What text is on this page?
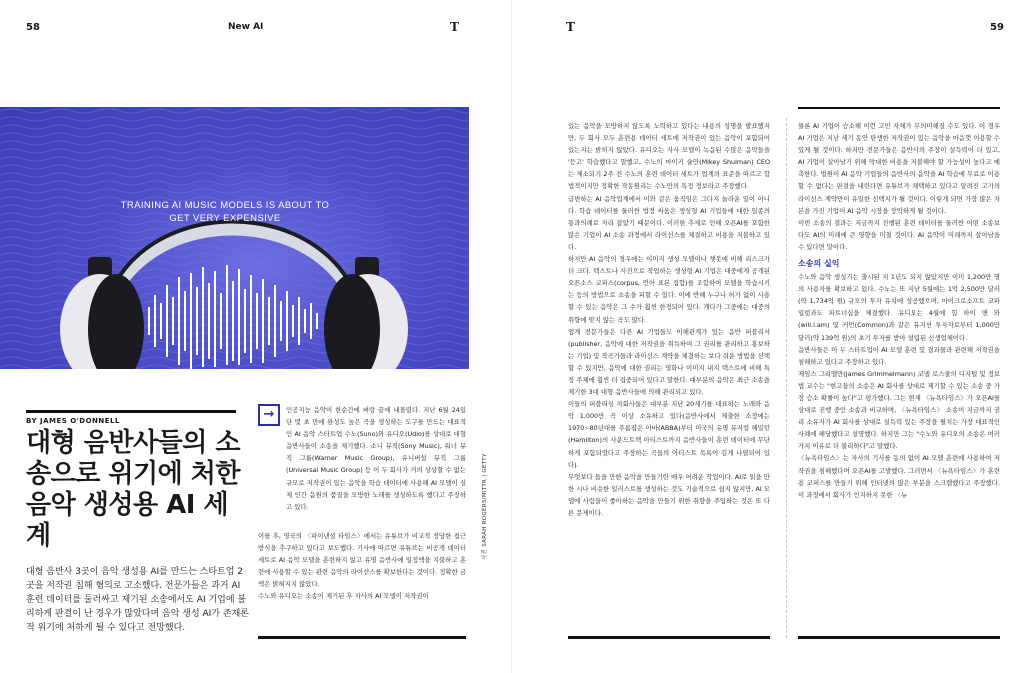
58	New AI	T
TRAINING AI MUSIC MODELS IS ABOUT TO GET VERY EXPENSIVE
BY JAMES O'DONNELL
대형 음반사들의 소송으로 위기에 처한 음악 생성용 AI 세계

대형 음반사 3곳이 음악 생성용 AI를 만드는 스타트업 2곳을 저작권 침해 혐의로 고소했다. 전문가들은 과거 AI 훈련 데이터를 둘러싸고 제기된 소송에서도 AI 기업에 불리하게 판결이 난 경우가 많았다며 음악 생성 AI가 존재론적 위기에 처하게 될 수 있다고 전망했다.

→	인공지능 음악이 한순간에 벼랑 끝에 내몰렸다. 지난 6월 24일 단 몇 초 만에 완성도 높은 곡을 생성하는 도구를 만드는 대표적인 AI 음악 스타트업 수노(Suno)와 유디오(Udio)를 상대로 대형 음반사들이 소송을 제기했다. 소니 뮤직(Sony Music), 워너 뮤직 그룹(Warner Music Group), 유니버설 뮤직 그룹(Universal Music Group) 등 이 두 회사가 거의 상상할 수 없는 규모로 저작권이 있는 음악을 학습 데이터에 사용해 AI 모델이 실제 인간 음원의 품질을 모방한 노래를 생성하도록 했다고 주장하고 있다.

이를 후, 영국의 〈파이낸셜 타임스〉에서는 유튜브가 비교적 정당한 접근 방식을 추구하고 있다고 보도했다. 기사에 따르면 유튜브는 비공개 데이터 세트로 AI 음악 모델을 훈련하지 않고 유명 음반사에 일정액을 지불하고 훈련에 사용할 수 있는 관련 음악의 라이선스를 확보한다는 것이다. 정확한 금액은 밝혀지지 않았다.

수노와 유디오는 소송이 제기된 후 자사의 AI 모델이 저작권이

사진 SARAH ROGERS/MITTR | GETTY
T	59

있는 음악을 모방하지 않도록 노력하고 있다는 내용의 성명을 발표했지만, 두 회사 모두 훈련용 데이터 세트에 저작권이 있는 음악이 포함되어 있는지는 밝히지 않았다. 유디오는 자사 모델이 녹음된 수많은 음악들을 '듣고' 학습했다고 말했고, 수노의 마이키 슐만(Mikey Shulman) CEO는 제소되기 2주 전 수노의 훈련 데이터 세트가 업계의 표준을 따르고 합법적이지만 정확한 작동원리는 수노만의 특정 정보라고 주장했다.

급변하는 AI 음악업계에서 이와 같은 움직임은 그다지 놀라운 일이 아니다. 학습 데이터를 둘러싼 법정 싸움은 생성형 AI 기업들에 대한 일종의 통과의례로 자리 잡았기 때문이다. 이러한 추세로 인해 오픈AI를 포함한 많은 기업이 AI 소송 과정에서 라이선스를 체결하고 비용을 지불하고 있다.

하지만 AI 음악의 경우에는 이미지 생성 모델이나 챗봇에 비해 리스크가 더 크다. 텍스트나 사진으로 작업하는 생성형 AI 기업은 대중에게 공개된 오픈소스 코퍼스(corpus, 언어 표본 집합)를 조합하여 모델을 학습시키는 등의 방법으로 소송을 피할 수 있다. 이에 반해 누구나 허가 없이 사용할 수 있는 음악은 그 수가 훨씬 한정되어 있다. 게다가 그중에는 대중의 취향에 맞지 않는 곡도 많다.

업계 전문가들은 다른 AI 기업들도 이해관계가 있는 음반 퍼블리셔(publisher, 음악에 대한 저작권을 취득하여 그 권리를 관리하고 홍보하는 기업) 및 작곡가들과 라이선스 계약을 체결하는 보다 쉬운 방법을 선택할 수 있지만, 음악에 대한 권리는 영화나 이미지 내지 텍스트에 비해 특정 주체에 훨씬 더 집중되어 있다고 말한다. 대부분의 음악은 최근 소송을 제기한 3대 대형 음반사들에 의해 관리되고 있다.

이들의 퍼블리싱 자회사들은 대부분 지난 20세기를 대표하는 노래와 음악 1,000만 곡 이상 소유하고 있다(음반사에서 제출한 소장에는 1970~80년대를 주름잡은 아바(ABBA)부터 미국의 유명 뮤지컬 해밀턴(Hamilton)의 사운드트랙 아티스트까지 음반사들이 훈련 데이터에 무단하게 포함되었다고 주장하는 곡들의 아티스트 목록이 길게 나열되어 있다).

무엇보다 돕을 만한 음악을 만들기란 매우 어려운 작업이다. AI로 읽을 만한 시나 비슷한 일러스트를 생성하는 것도 기술적으로 쉽지 않지만, AI 모델에 사람들이 좋아하는 음악을 만들기 위한 취향을 주입하는 것은 또 다른 문제이다.

물론 AI 기업이 승소해 이런 고민 자체가 무의미해질 수도 있다. 이 경우 AI 기업은 지난 세기 동안 탄생한 저작권이 있는 음악을 마음껏 이용할 수 있게 될 것이다. 하지만 전문가들은 음반사의 주장이 설득력이 더 있고, AI 기업이 살아남기 위해 막대한 비용을 지불해야 할 가능성이 높다고 예측한다. 법원이 AI 음악 기업들의 음반사의 음악을 AI 학습에 무료로 이용할 수 없다는 판결을 내린다면 유튜브가 채택하고 있다고 알려진 고가의 라이선스 계약만이 유일한 선택지가 될 것이다. 이렇게 되면 가장 많은 자본을 가진 기업이 AI 음악 시장을 장악하게 될 것이다.

이번 소송의 결과는 지금까지 진행된 훈련 데이터를 둘러싼 어떤 소송보다도 AI의 미래에 큰 영향을 미칠 것이다. AI 음악이 미래까지 살아남을 수 있다면 말이다.

소송의 실익

수노와 음악 생성기는 출시된 지 1년도 되지 않았지만 이미 1,200만 명의 사용자를 확보하고 있다. 수노는 또 지난 5월에는 1억 2,500만 달러(약 1,734억 원) 규모의 투자 유치에 성공했으며, 마이크로소프트 코파일럿과도 파트너십을 체결했다. 유디오는 4월에 힙 하이 앤 와(will.i.am) 및 커먼(Common)과 같은 뮤지션 투자자로부터 1,000만 달러(약 139억 원)의 초기 투자를 받아 설립된 신생업체이다.

음반사들은 이 두 스타트업이 AI 모델 훈련 및 결과물과 관련해 저작권을 침해하고 있다고 주장하고 있다.

제임스 그리멜만(James Grimmelmann) 코넬 로스쿨의 디지털 및 정보법 교수는 "현고들의 소송은 AI 회사를 상대로 제기할 수 있는 소송 중 가장 승소 확률이 높다"고 평가했다. 그는 현재 〈뉴욕타임스〉가 오픈AI를 상대로 진행 중인 소송과 비교하며, 〈뉴욕타임스〉 소송이 지금까지 권리 소유자가 AI 회사를 상대로 설득력 있는 주장을 펼치는 가장 대표적인 사례에 해당했다고 설명했다. 하지만 그는 "수노와 유디오의 소송은 여러 가지 이유로 더 불리하다"고 말했다.

〈뉴욕타임스〉는 자사의 기사를 동의 없이 AI 모델 훈련에 사용하여 저작권을 침해했다며 오픈AI를 고발했다. 그러면서 〈뉴욕타임스〉가 훈련용 코퍼스를 만들기 위해 인터넷의 많은 부분을 스크랩했다고 주장했다. 이 과정에서 회사가 인지하지 못한 〈뉴
